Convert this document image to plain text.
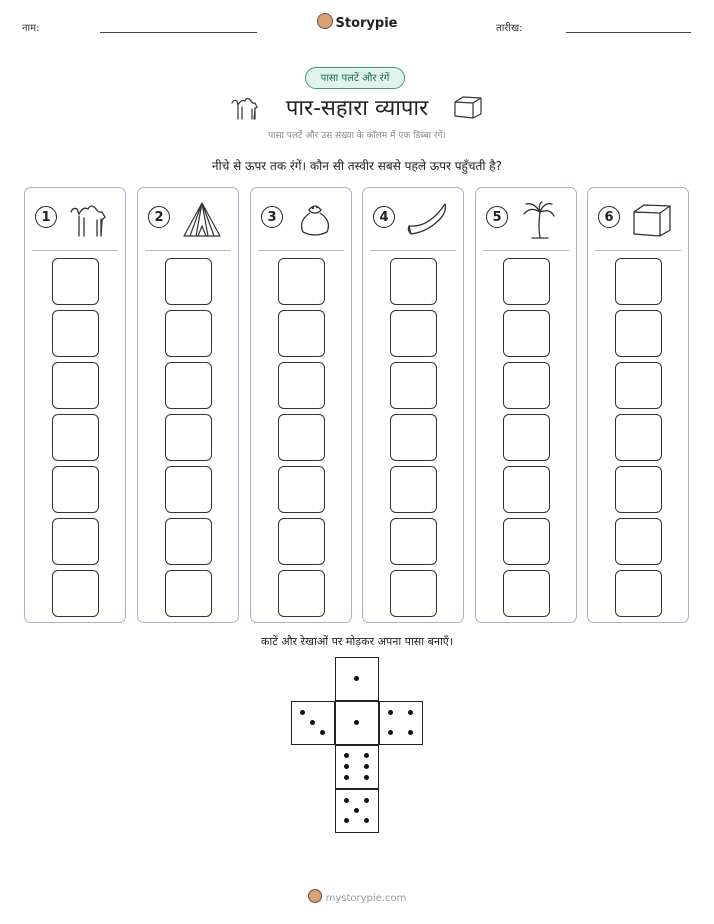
नाम:	Storypie	तारीख:
पासा पलटें और रंगें
पार-सहारा व्यापार
पासा पलटें और उस संख्या के कॉलम में एक डिब्बा रंगें।
नीचे से ऊपर तक रंगें। कौन सी तस्वीर सबसे पहले ऊपर पहुँचती है?
1	2	3	4	5	6
काटें और रेखाओं पर मोड़कर अपना पासा बनाएँ।
mystorypie.com
